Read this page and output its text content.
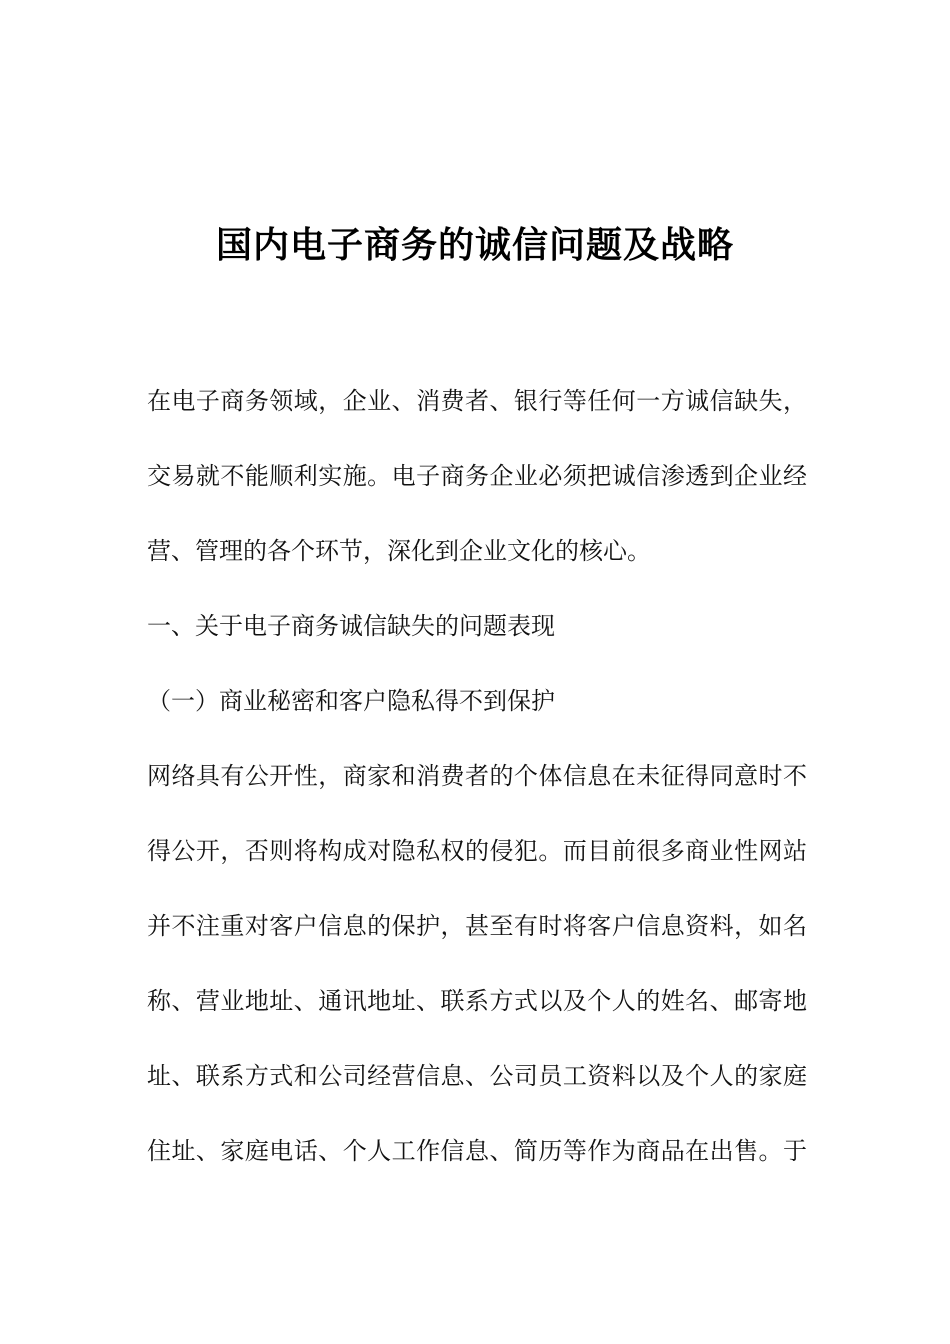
国内电子商务的诚信问题及战略
在电子商务领域，企业、消费者、银行等任何一方诚信缺失，
交易就不能顺利实施。电子商务企业必须把诚信渗透到企业经
营、管理的各个环节，深化到企业文化的核心。
一、关于电子商务诚信缺失的问题表现
（一）商业秘密和客户隐私得不到保护
网络具有公开性，商家和消费者的个体信息在未征得同意时不
得公开，否则将构成对隐私权的侵犯。而目前很多商业性网站
并不注重对客户信息的保护，甚至有时将客户信息资料，如名
称、营业地址、通讯地址、联系方式以及个人的姓名、邮寄地
址、联系方式和公司经营信息、公司员工资料以及个人的家庭
住址、家庭电话、个人工作信息、简历等作为商品在出售。于
